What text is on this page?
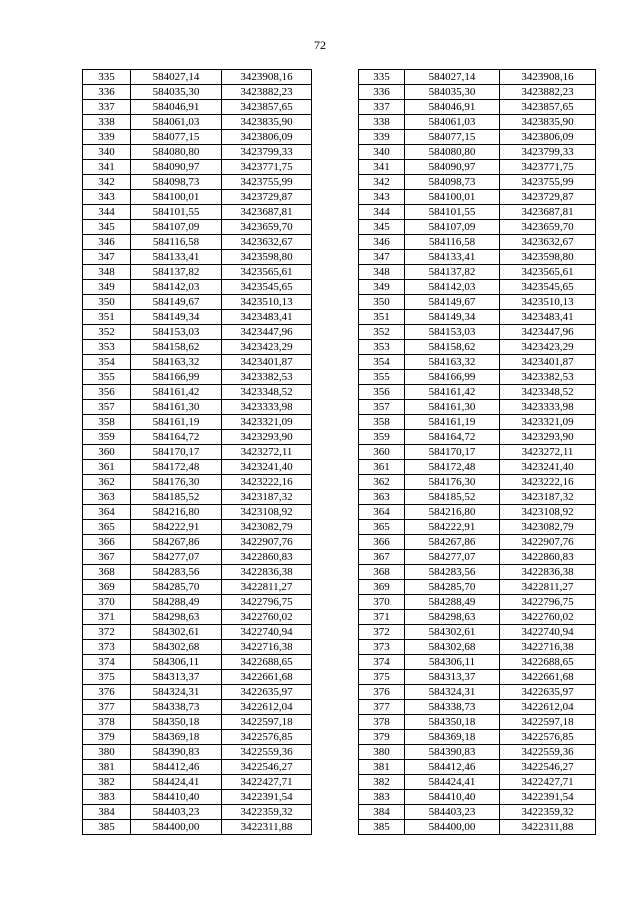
72
335	584027,14	3423908,16
336	584035,30	3423882,23
337	584046,91	3423857,65
338	584061,03	3423835,90
339	584077,15	3423806,09
340	584080,80	3423799,33
341	584090,97	3423771,75
342	584098,73	3423755,99
343	584100,01	3423729,87
344	584101,55	3423687,81
345	584107,09	3423659,70
346	584116,58	3423632,67
347	584133,41	3423598,80
348	584137,82	3423565,61
349	584142,03	3423545,65
350	584149,67	3423510,13
351	584149,34	3423483,41
352	584153,03	3423447,96
353	584158,62	3423423,29
354	584163,32	3423401,87
355	584166,99	3423382,53
356	584161,42	3423348,52
357	584161,30	3423333,98
358	584161,19	3423321,09
359	584164,72	3423293,90
360	584170,17	3423272,11
361	584172,48	3423241,40
362	584176,30	3423222,16
363	584185,52	3423187,32
364	584216,80	3423108,92
365	584222,91	3423082,79
366	584267,86	3422907,76
367	584277,07	3422860,83
368	584283,56	3422836,38
369	584285,70	3422811,27
370	584288,49	3422796,75
371	584298,63	3422760,02
372	584302,61	3422740,94
373	584302,68	3422716,38
374	584306,11	3422688,65
375	584313,37	3422661,68
376	584324,31	3422635,97
377	584338,73	3422612,04
378	584350,18	3422597,18
379	584369,18	3422576,85
380	584390,83	3422559,36
381	584412,46	3422546,27
382	584424,41	3422427,71
383	584410,40	3422391,54
384	584403,23	3422359,32
385	584400,00	3422311,88
335	584027,14	3423908,16
336	584035,30	3423882,23
337	584046,91	3423857,65
338	584061,03	3423835,90
339	584077,15	3423806,09
340	584080,80	3423799,33
341	584090,97	3423771,75
342	584098,73	3423755,99
343	584100,01	3423729,87
344	584101,55	3423687,81
345	584107,09	3423659,70
346	584116,58	3423632,67
347	584133,41	3423598,80
348	584137,82	3423565,61
349	584142,03	3423545,65
350	584149,67	3423510,13
351	584149,34	3423483,41
352	584153,03	3423447,96
353	584158,62	3423423,29
354	584163,32	3423401,87
355	584166,99	3423382,53
356	584161,42	3423348,52
357	584161,30	3423333,98
358	584161,19	3423321,09
359	584164,72	3423293,90
360	584170,17	3423272,11
361	584172,48	3423241,40
362	584176,30	3423222,16
363	584185,52	3423187,32
364	584216,80	3423108,92
365	584222,91	3423082,79
366	584267,86	3422907,76
367	584277,07	3422860,83
368	584283,56	3422836,38
369	584285,70	3422811,27
370	584288,49	3422796,75
371	584298,63	3422760,02
372	584302,61	3422740,94
373	584302,68	3422716,38
374	584306,11	3422688,65
375	584313,37	3422661,68
376	584324,31	3422635,97
377	584338,73	3422612,04
378	584350,18	3422597,18
379	584369,18	3422576,85
380	584390,83	3422559,36
381	584412,46	3422546,27
382	584424,41	3422427,71
383	584410,40	3422391,54
384	584403,23	3422359,32
385	584400,00	3422311,88
